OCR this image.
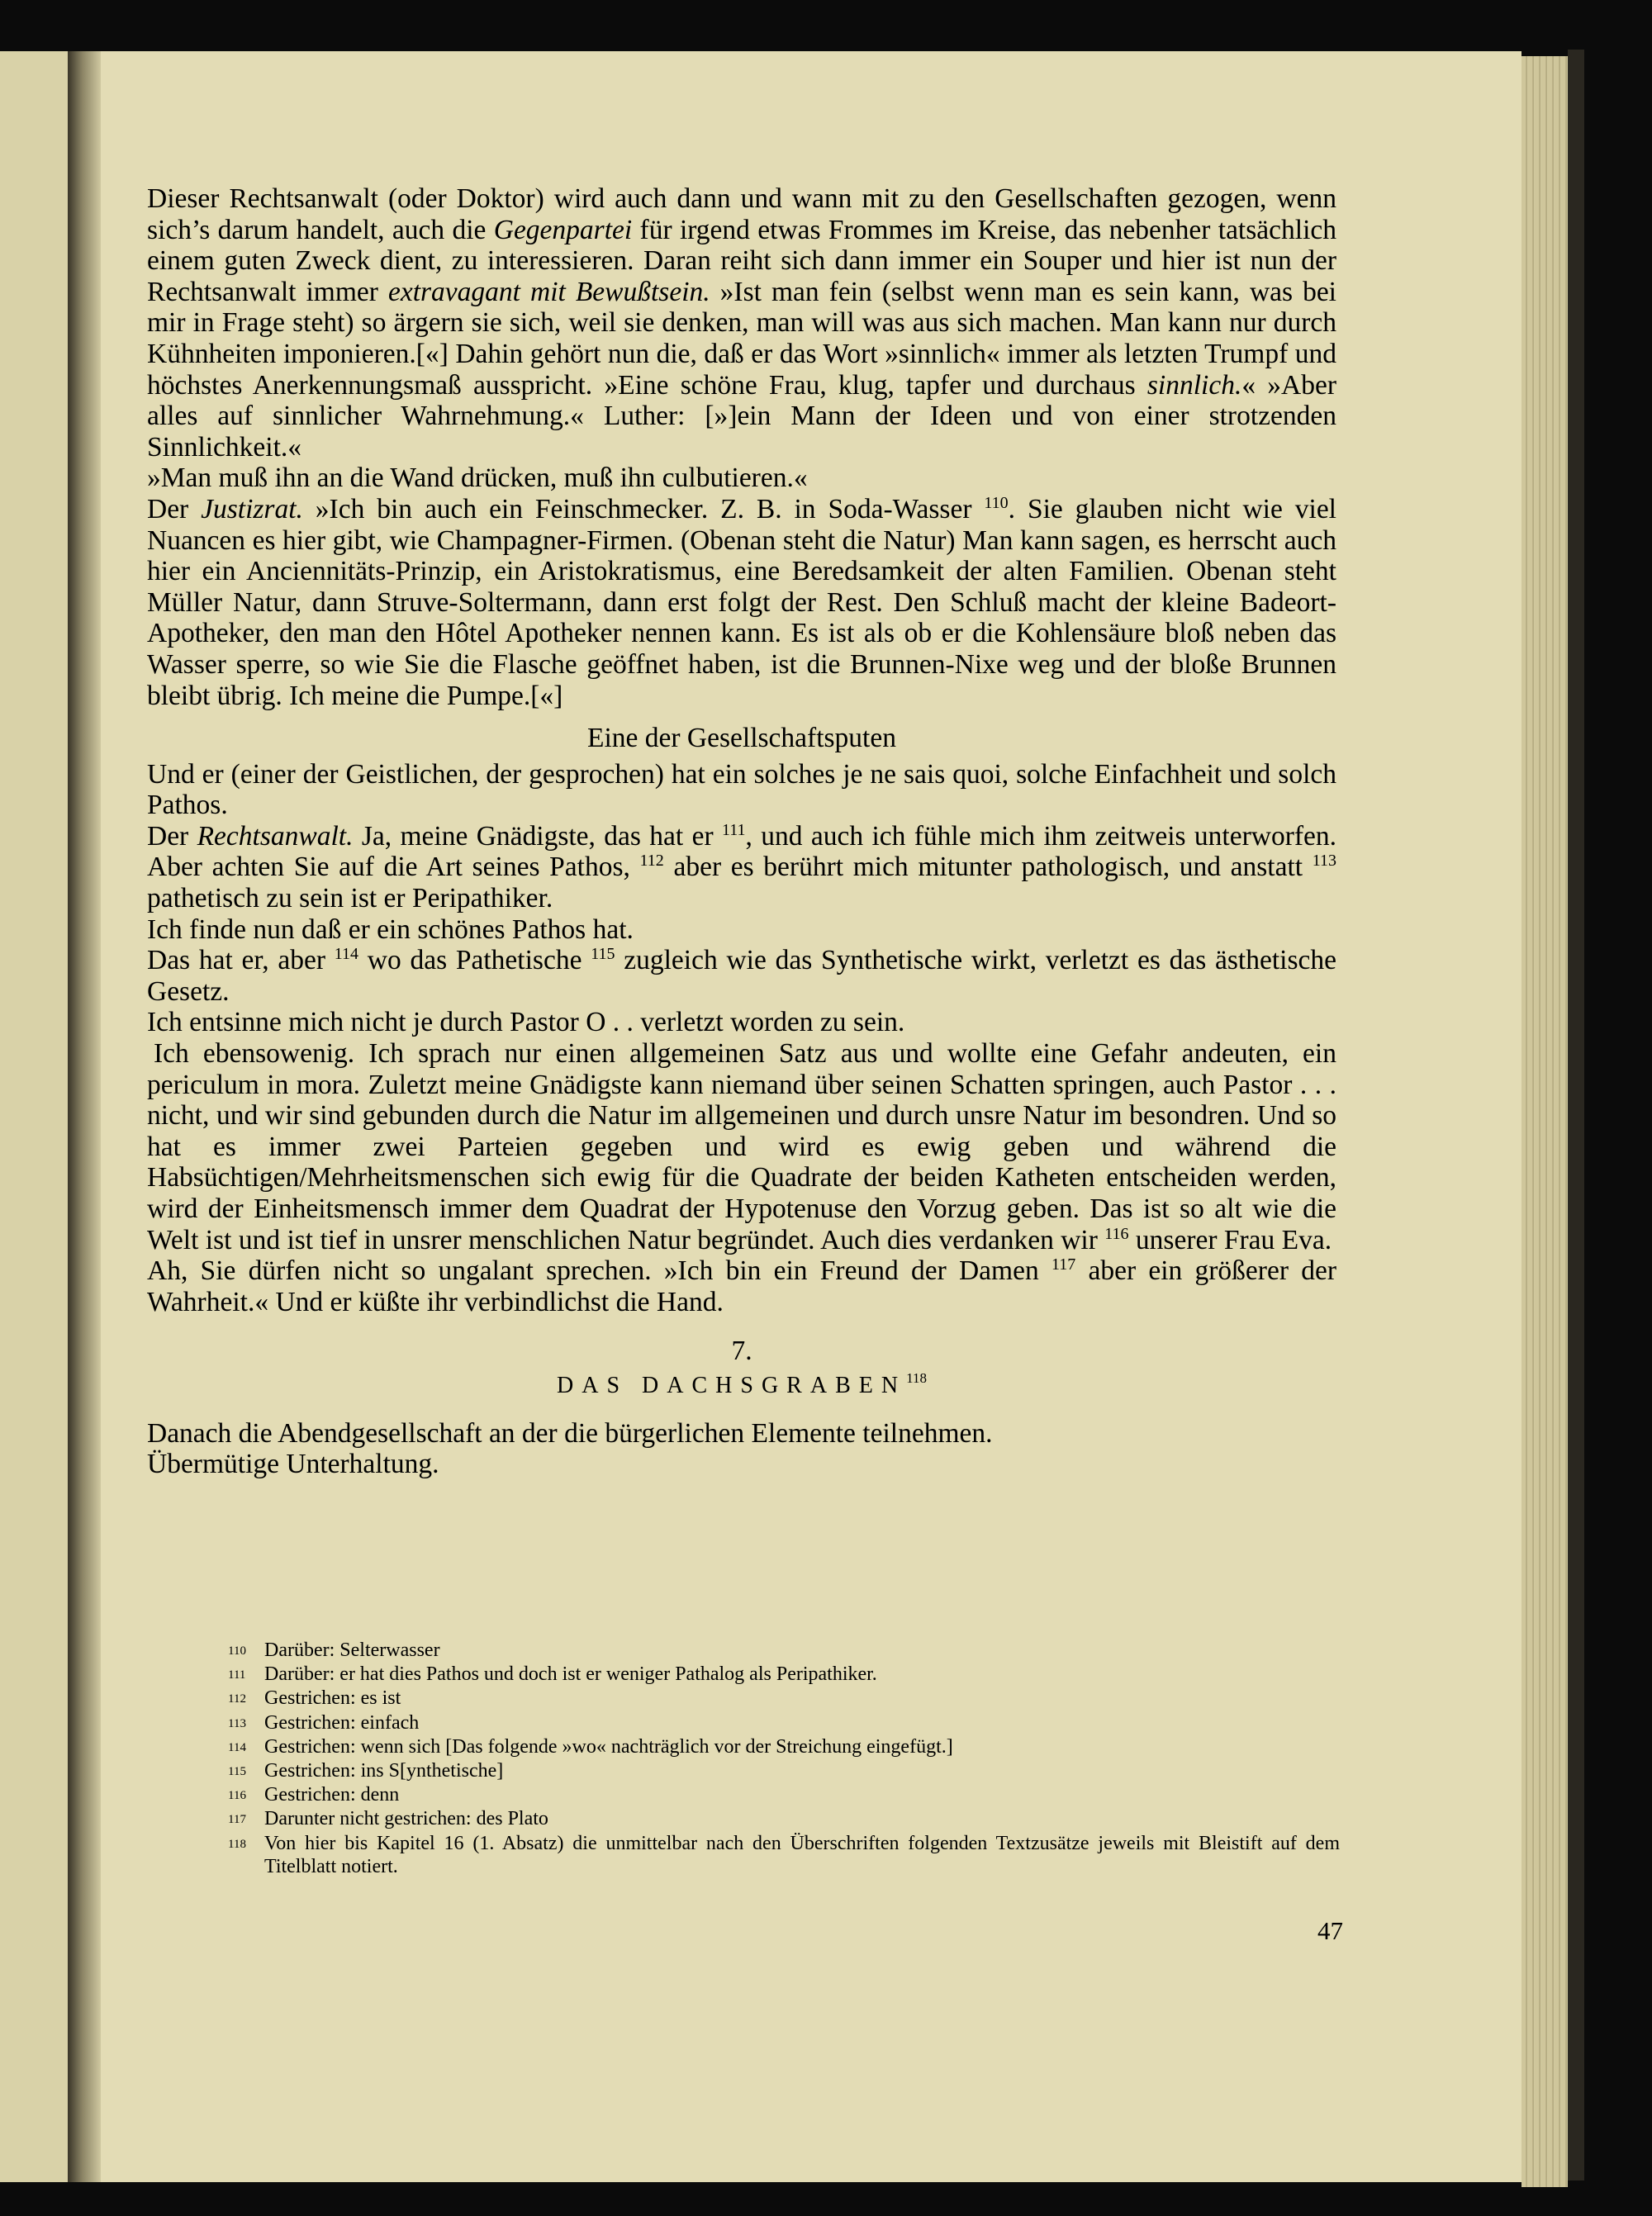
Dieser Rechtsanwalt (oder Doktor) wird auch dann und wann mit zu den Gesellschaften gezogen, wenn sich’s darum handelt, auch die Gegenpartei für irgend etwas Frommes im Kreise, das nebenher tatsächlich einem guten Zweck dient, zu interessieren. Daran reiht sich dann immer ein Souper und hier ist nun der Rechtsanwalt immer extravagant mit Bewußtsein. »Ist man fein (selbst wenn man es sein kann, was bei mir in Frage steht) so ärgern sie sich, weil sie denken, man will was aus sich machen. Man kann nur durch Kühnheiten imponieren.[«] Dahin gehört nun die, daß er das Wort »sinnlich« immer als letzten Trumpf und höchstes Anerkennungsmaß ausspricht. »Eine schöne Frau, klug, tapfer und durchaus sinnlich.« »Aber alles auf sinnlicher Wahrnehmung.« Luther: [»]ein Mann der Ideen und von einer strotzenden Sinnlichkeit.«

»Man muß ihn an die Wand drücken, muß ihn culbutieren.«

Der Justizrat. »Ich bin auch ein Feinschmecker. Z. B. in Soda-Wasser $^{110}$. Sie glauben nicht wie viel Nuancen es hier gibt, wie Champagner-Firmen. (Obenan steht die Natur) Man kann sagen, es herrscht auch hier ein Anciennitäts-Prinzip, ein Aristokratismus, eine Beredsamkeit der alten Familien. Obenan steht Müller Natur, dann Struve-Soltermann, dann erst folgt der Rest. Den Schluß macht der kleine Badeort-Apotheker, den man den Hôtel Apotheker nennen kann. Es ist als ob er die Kohlensäure bloß neben das Wasser sperre, so wie Sie die Flasche geöffnet haben, ist die Brunnen-Nixe weg und der bloße Brunnen bleibt übrig. Ich meine die Pumpe.[«]

Eine der Gesellschaftsputen

Und er (einer der Geistlichen, der gesprochen) hat ein solches je ne sais quoi, solche Einfachheit und solch Pathos.

Der Rechtsanwalt. Ja, meine Gnädigste, das hat er $^{111}$, und auch ich fühle mich ihm zeitweis unterworfen. Aber achten Sie auf die Art seines Pathos, $^{112}$ aber es berührt mich mitunter pathologisch, und anstatt $^{113}$ pathetisch zu sein ist er Peripathiker.

Ich finde nun daß er ein schönes Pathos hat.

Das hat er, aber $^{114}$ wo das Pathetische $^{115}$ zugleich wie das Synthetische wirkt, verletzt es das ästhetische Gesetz.

Ich entsinne mich nicht je durch Pastor O . . verletzt worden zu sein.

Ich ebensowenig. Ich sprach nur einen allgemeinen Satz aus und wollte eine Gefahr andeuten, ein periculum in mora. Zuletzt meine Gnädigste kann niemand über seinen Schatten springen, auch Pastor . . . nicht, und wir sind gebunden durch die Natur im allgemeinen und durch unsre Natur im besondren. Und so hat es immer zwei Parteien gegeben und wird es ewig geben und während die Habsüchtigen/Mehrheitsmenschen sich ewig für die Quadrate der beiden Katheten entscheiden werden, wird der Einheitsmensch immer dem Quadrat der Hypotenuse den Vorzug geben. Das ist so alt wie die Welt ist und ist tief in unsrer menschlichen Natur begründet. Auch dies verdanken wir $^{116}$ unserer Frau Eva.

Ah, Sie dürfen nicht so ungalant sprechen. »Ich bin ein Freund der Damen $^{117}$ aber ein größerer der Wahrheit.« Und er küßte ihr verbindlichst die Hand.

7.

DAS DACHSGRABEN$^{118}$

Danach die Abendgesellschaft an der die bürgerlichen Elemente teilnehmen.

Übermütige Unterhaltung.

110 Darüber: Selterwasser
111 Darüber: er hat dies Pathos und doch ist er weniger Pathalog als Peripathiker.
112 Gestrichen: es ist
113 Gestrichen: einfach
114 Gestrichen: wenn sich [Das folgende »wo« nachträglich vor der Streichung eingefügt.]
115 Gestrichen: ins S[ynthetische]
116 Gestrichen: denn
117 Darunter nicht gestrichen: des Plato
118 Von hier bis Kapitel 16 (1. Absatz) die unmittelbar nach den Überschriften folgenden Textzusätze jeweils mit Bleistift auf dem Titelblatt notiert.
47
